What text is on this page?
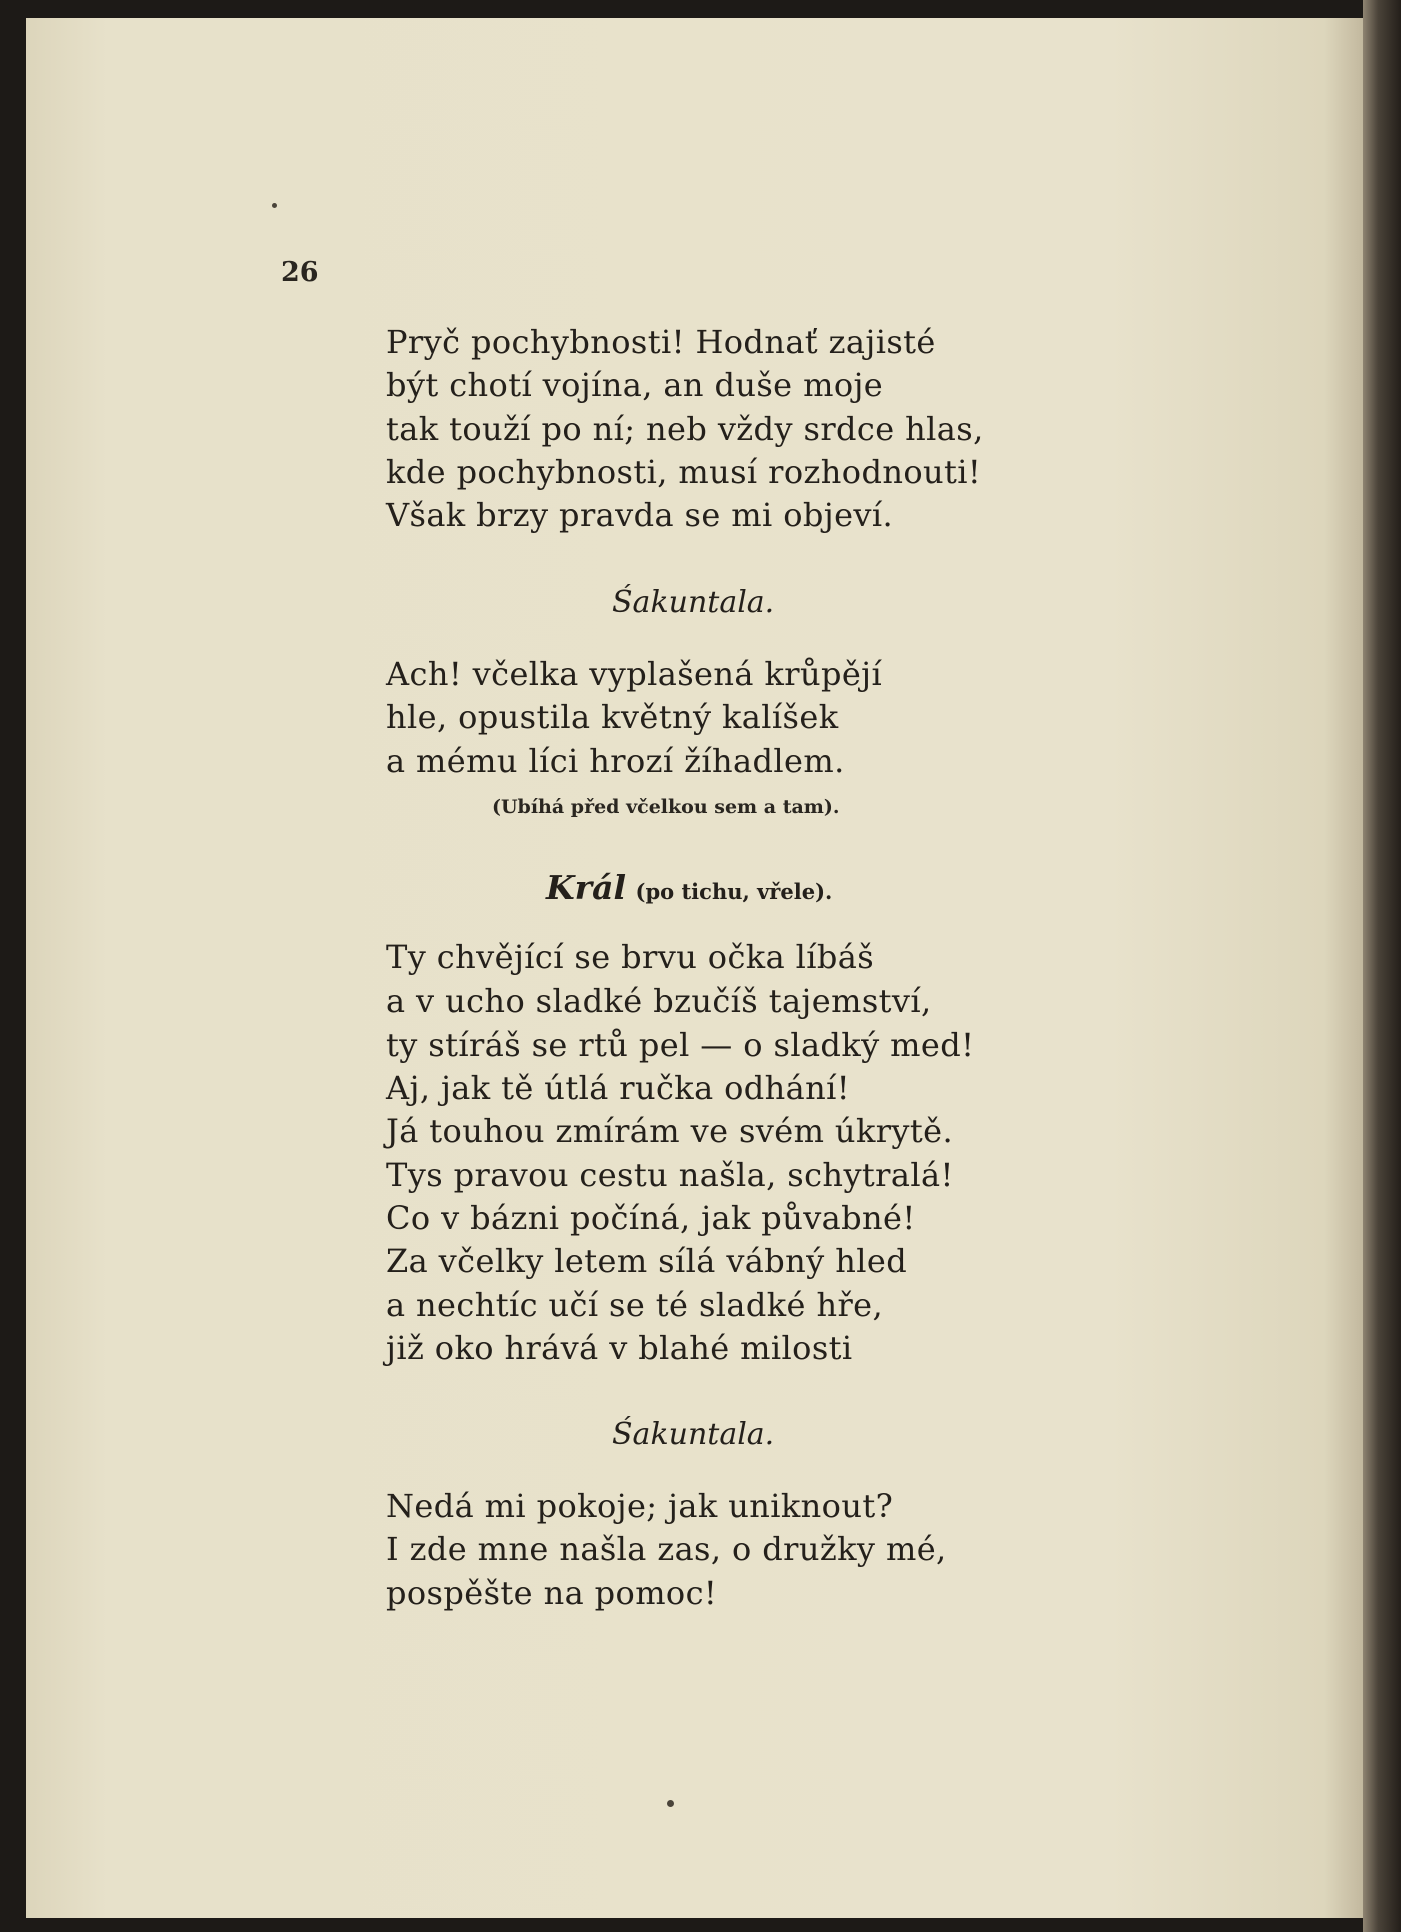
26
Pryč pochybnosti! Hodnať zajisté
být chotí vojína, an duše moje
tak touží po ní; neb vždy srdce hlas,
kde pochybnosti, musí rozhodnouti!
Však brzy pravda se mi objeví.
Śakuntala.
Ach! včelka vyplašená krůpějí
hle, opustila květný kalíšek
a mému líci hrozí žíhadlem.
(Ubíhá před včelkou sem a tam).
Král (po tichu, vřele).
Ty chvějící se brvu očka líbáš
a v ucho sladké bzučíš tajemství,
ty stíráš se rtů pel — o sladký med!
Aj, jak tě útlá ručka odhání!
Já touhou zmírám ve svém úkrytě.
Tys pravou cestu našla, schytralá!
Co v bázni počíná, jak půvabné!
Za včelky letem sílá vábný hled
a nechtíc učí se té sladké hře,
již oko hrává v blahé milosti
Śakuntala.
Nedá mi pokoje; jak uniknout?
I zde mne našla zas, o družky mé,
pospěšte na pomoc!
